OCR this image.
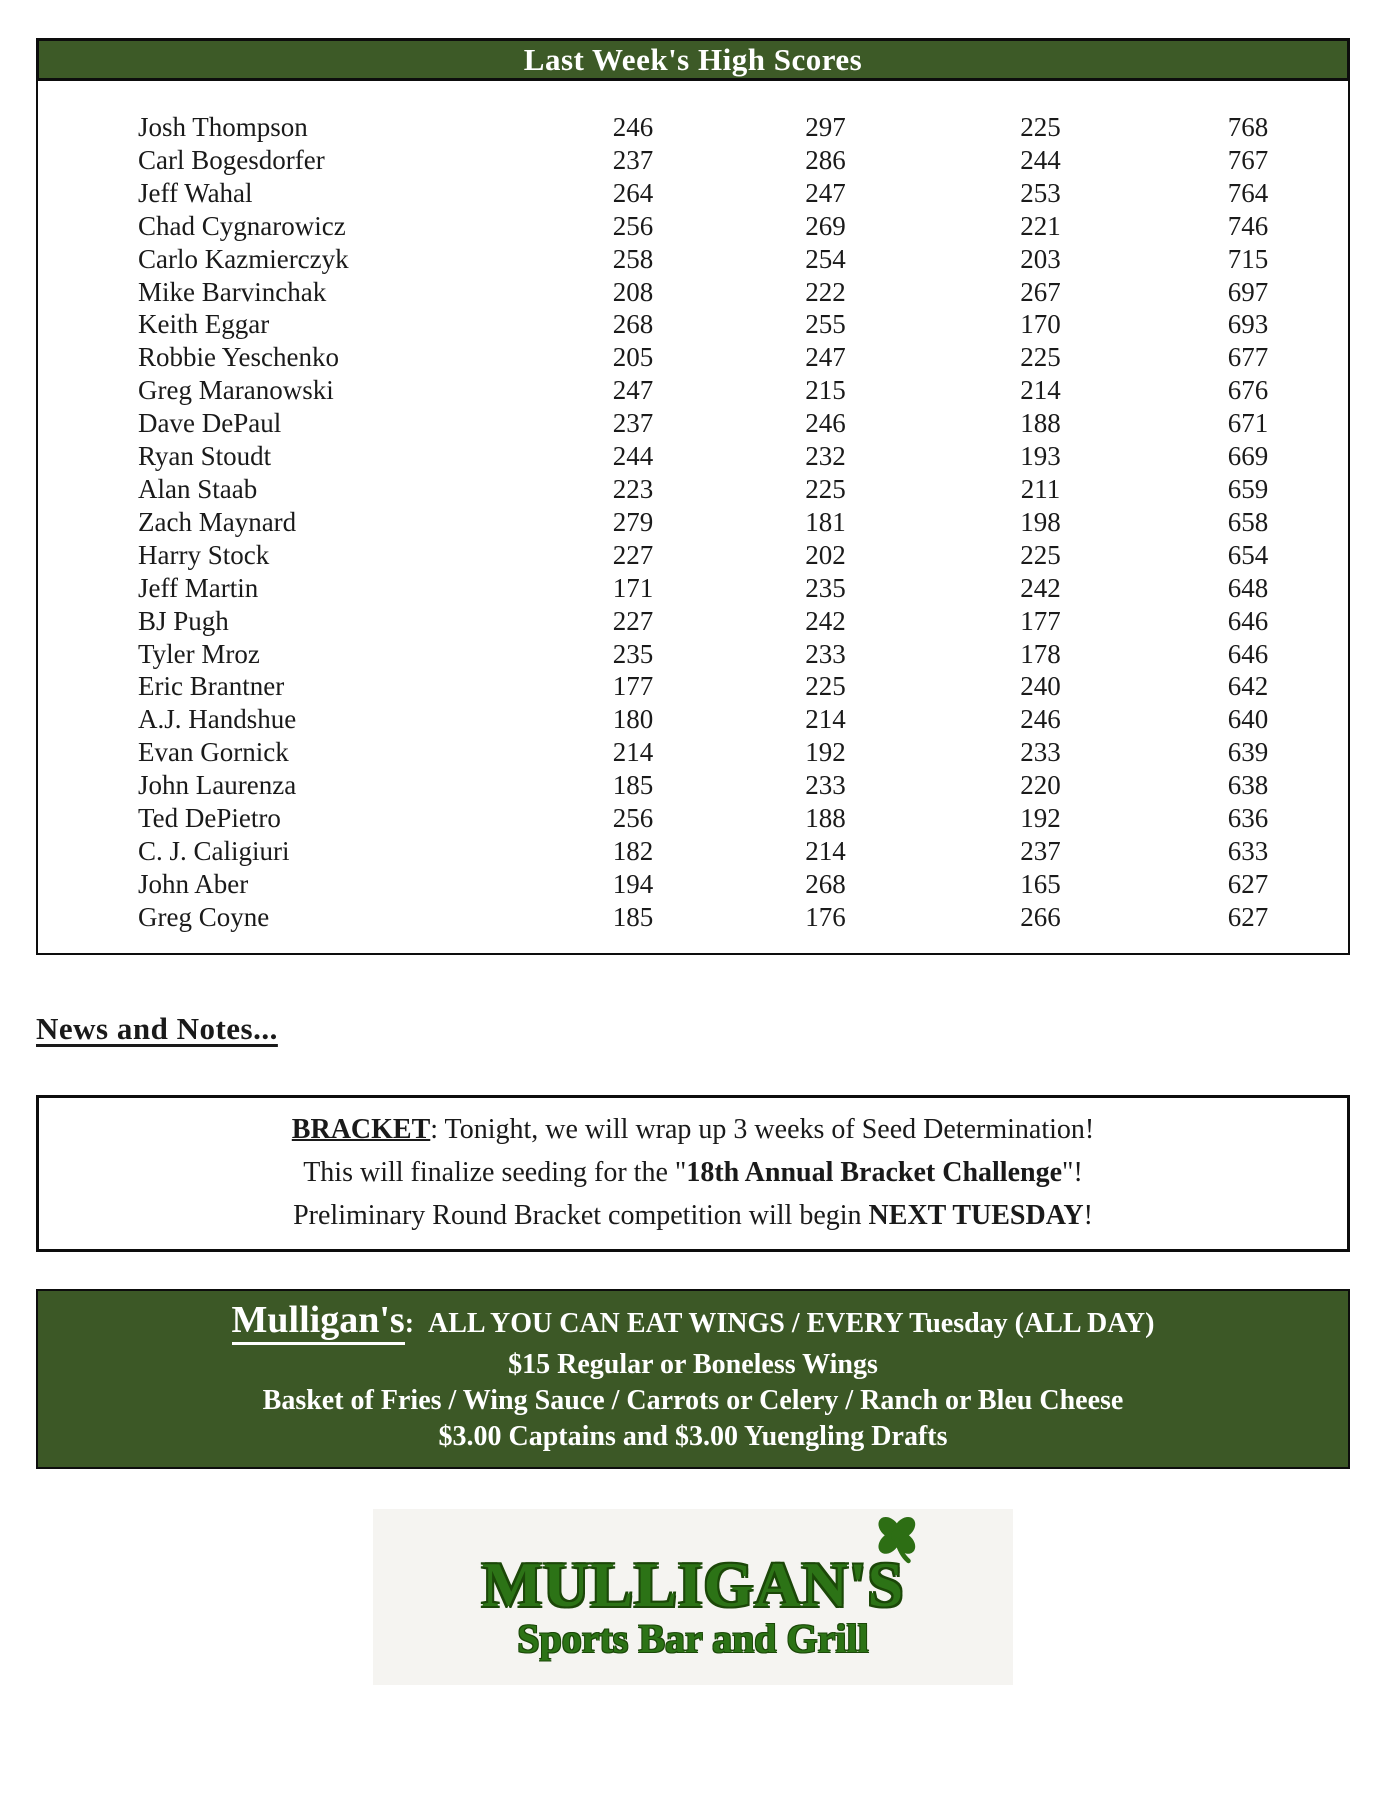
Last Week's High Scores
Josh Thompson	246	297	225	768
Carl Bogesdorfer	237	286	244	767
Jeff Wahal	264	247	253	764
Chad Cygnarowicz	256	269	221	746
Carlo Kazmierczyk	258	254	203	715
Mike Barvinchak	208	222	267	697
Keith Eggar	268	255	170	693
Robbie Yeschenko	205	247	225	677
Greg Maranowski	247	215	214	676
Dave DePaul	237	246	188	671
Ryan Stoudt	244	232	193	669
Alan Staab	223	225	211	659
Zach Maynard	279	181	198	658
Harry Stock	227	202	225	654
Jeff Martin	171	235	242	648
BJ Pugh	227	242	177	646
Tyler Mroz	235	233	178	646
Eric Brantner	177	225	240	642
A.J. Handshue	180	214	246	640
Evan Gornick	214	192	233	639
John Laurenza	185	233	220	638
Ted DePietro	256	188	192	636
C. J. Caligiuri	182	214	237	633
John Aber	194	268	165	627
Greg Coyne	185	176	266	627
News and Notes...

BRACKET: Tonight, we will wrap up 3 weeks of Seed Determination!

This will finalize seeding for the "18th Annual Bracket Challenge"!

Preliminary Round Bracket competition will begin NEXT TUESDAY!

Mulligan's: ALL YOU CAN EAT WINGS / EVERY Tuesday (ALL DAY)
$15 Regular or Boneless Wings
Basket of Fries / Wing Sauce / Carrots or Celery / Ranch or Bleu Cheese
$3.00 Captains and $3.00 Yuengling Drafts
MULLIGAN'S
Sports Bar and Grill
